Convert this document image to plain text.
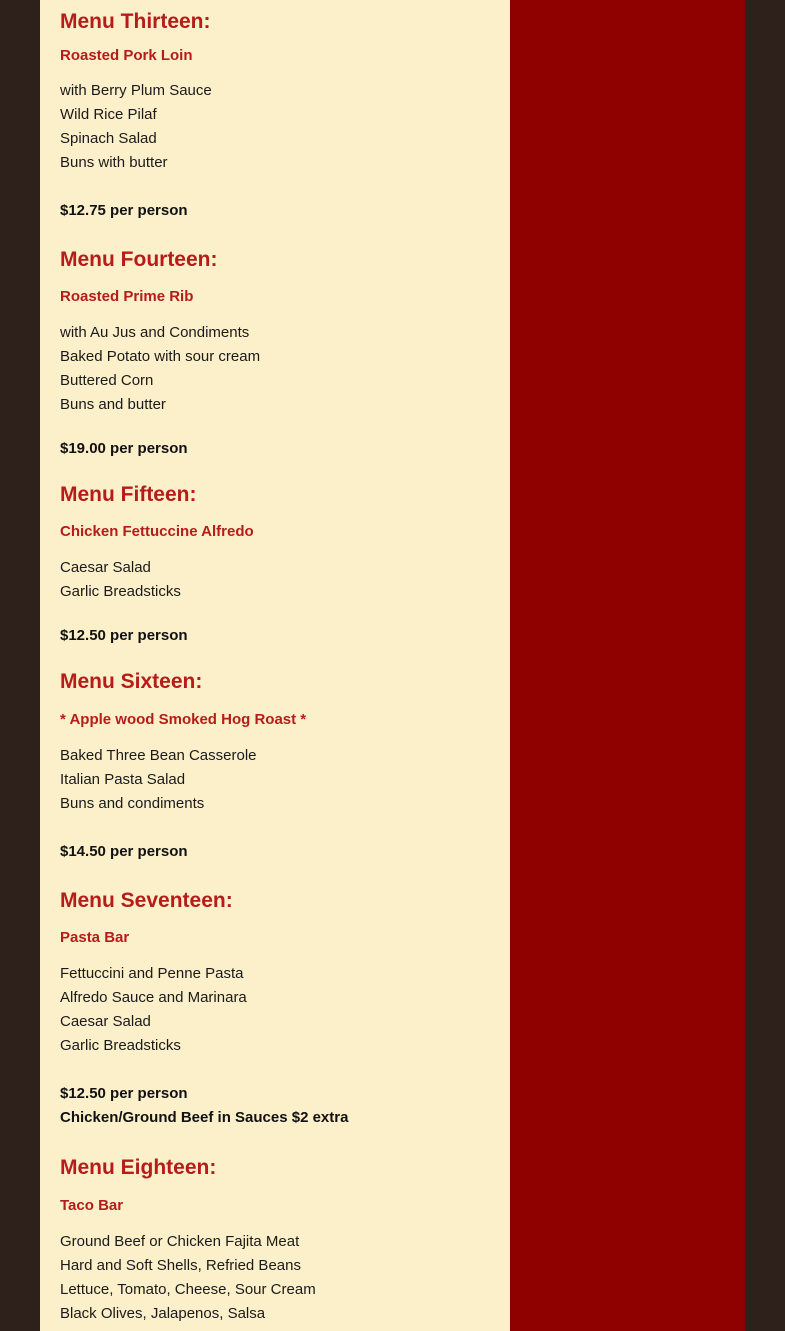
Menu Thirteen:
Roasted Pork Loin
with Berry Plum Sauce
Wild Rice Pilaf
Spinach Salad
Buns with butter
$12.75 per person
Menu Fourteen:
Roasted Prime Rib
with Au Jus and Condiments
Baked Potato with sour cream
Buttered Corn
Buns and butter
$19.00 per person
Menu Fifteen:
Chicken Fettuccine Alfredo
Caesar Salad
Garlic Breadsticks
$12.50 per person
Menu Sixteen:
* Apple wood Smoked Hog Roast *
Baked Three Bean Casserole
Italian Pasta Salad
Buns and condiments
$14.50 per person
Menu Seventeen:
Pasta Bar
Fettuccini and Penne Pasta
Alfredo Sauce and Marinara
Caesar Salad
Garlic Breadsticks
$12.50 per person
Chicken/Ground Beef in Sauces $2 extra
Menu Eighteen:
Taco Bar
Ground Beef or Chicken Fajita Meat
Hard and Soft Shells, Refried Beans
Lettuce, Tomato, Cheese, Sour Cream
Black Olives, Jalapenos, Salsa
